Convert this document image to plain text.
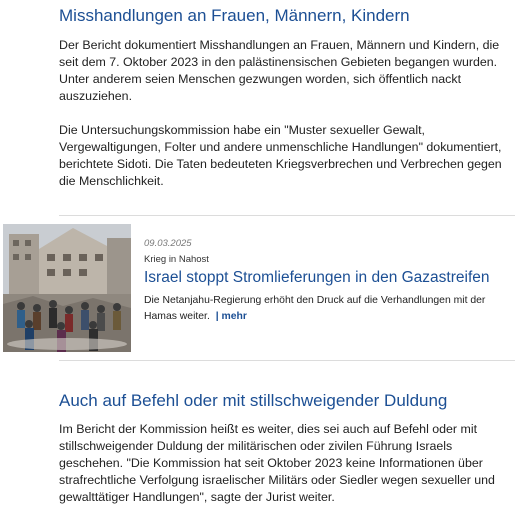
Misshandlungen an Frauen, Männern, Kindern

Der Bericht dokumentiert Misshandlungen an Frauen, Männern und Kindern, die seit dem 7. Oktober 2023 in den palästinensischen Gebieten begangen wurden. Unter anderem seien Menschen gezwungen worden, sich öffentlich nackt auszuziehen.

Die Untersuchungskommission habe ein "Muster sexueller Gewalt, Vergewaltigungen, Folter und andere unmenschliche Handlungen" dokumentiert, berichtete Sidoti. Die Taten bedeuteten Kriegsverbrechen und Verbrechen gegen die Menschlichkeit.

09.03.2025
Krieg in Nahost
Israel stoppt Stromlieferungen in den Gazastreifen

Die Netanjahu-Regierung erhöht den Druck auf die Verhandlungen mit der Hamas weiter. | mehr

Auch auf Befehl oder mit stillschweigender Duldung

Im Bericht der Kommission heißt es weiter, dies sei auch auf Befehl oder mit stillschweigender Duldung der militärischen oder zivilen Führung Israels geschehen. "Die Kommission hat seit Oktober 2023 keine Informationen über strafrechtliche Verfolgung israelischer Militärs oder Siedler wegen sexueller und gewalttätiger Handlungen", sagte der Jurist weiter.
